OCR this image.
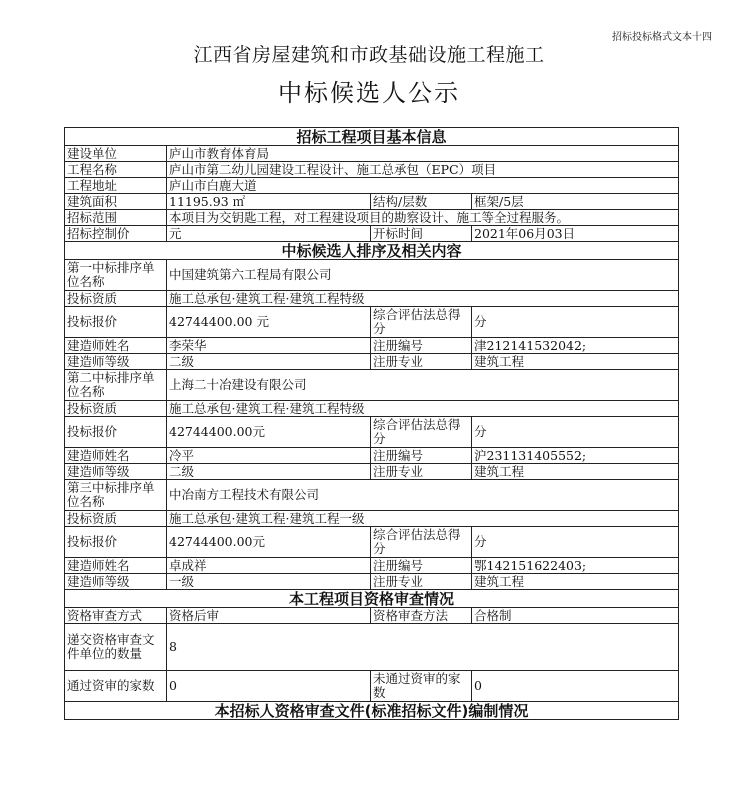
招标投标格式文本十四
江西省房屋建筑和市政基础设施工程施工
中标候选人公示
招标工程项目基本信息			
建设单位	庐山市教育体育局		
工程名称	庐山市第二幼儿园建设工程设计、施工总承包（EPC）项目		
工程地址	庐山市白鹿大道		
建筑面积	11195.93 ㎡	结构/层数	框架/5层
招标范围	本项目为交钥匙工程，对工程建设项目的勘察设计、施工等全过程服务。		
招标控制价	元	开标时间	2021年06月03日
中标候选人排序及相关内容			
第一中标排序单位名称	中国建筑第六工程局有限公司		
投标资质	施工总承包·建筑工程·建筑工程特级		
投标报价	42744400.00 元	综合评估法总得分	分
建造师姓名	李荣华	注册编号	津212141532042;
建造师等级	二级	注册专业	建筑工程
第二中标排序单位名称	上海二十冶建设有限公司		
投标资质	施工总承包·建筑工程·建筑工程特级		
投标报价	42744400.00元	综合评估法总得分	分
建造师姓名	冷平	注册编号	沪231131405552;
建造师等级	二级	注册专业	建筑工程
第三中标排序单位名称	中冶南方工程技术有限公司		
投标资质	施工总承包·建筑工程·建筑工程一级		
投标报价	42744400.00元	综合评估法总得分	分
建造师姓名	卓成祥	注册编号	鄂142151622403;
建造师等级	一级	注册专业	建筑工程
本工程项目资格审查情况			
资格审查方式	资格后审	资格审查方法	合格制
递交资格审查文件单位的数量	8		
通过资审的家数	0	未通过资审的家数	0
本招标人资格审查文件(标准招标文件)编制情况			
